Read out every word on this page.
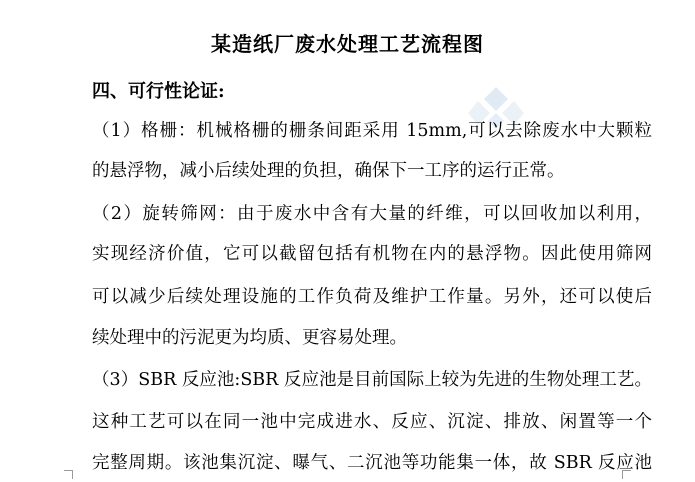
某造纸厂废水处理工艺流程图
四、可行性论证:
（1）格栅：机械格栅的栅条间距采用 15mm,可以去除废水中大颗粒
的悬浮物，减小后续处理的负担，确保下一工序的运行正常。
（2）旋转筛网：由于废水中含有大量的纤维，可以回收加以利用，
实现经济价值，它可以截留包括有机物在内的悬浮物。因此使用筛网
可以减少后续处理设施的工作负荷及维护工作量。另外，还可以使后
续处理中的污泥更为均质、更容易处理。
（3）SBR 反应池:SBR 反应池是目前国际上较为先进的生物处理工艺。
这种工艺可以在同一池中完成进水、反应、沉淀、排放、闲置等一个
完整周期。该池集沉淀、曝气、二沉池等功能集一体，故 SBR 反应池
